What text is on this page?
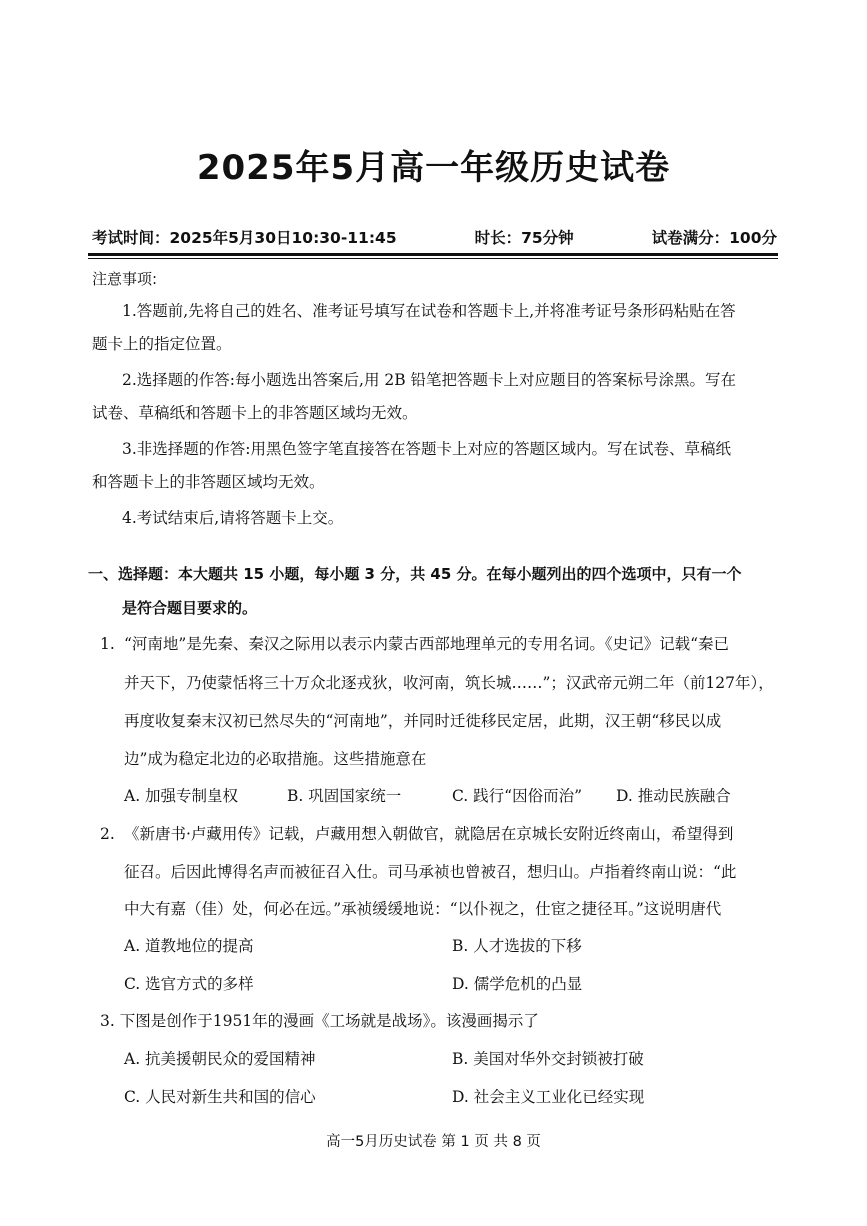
2025年5月高一年级历史试卷
考试时间：2025年5月30日10:30-11:45	时长：75分钟	试卷满分：100分
注意事项:
1.答题前,先将自己的姓名、准考证号填写在试卷和答题卡上,并将准考证号条形码粘贴在答
题卡上的指定位置。
2.选择题的作答:每小题选出答案后,用 2B 铅笔把答题卡上对应题目的答案标号涂黑。写在
试卷、草稿纸和答题卡上的非答题区域均无效。
3.非选择题的作答:用黑色签字笔直接答在答题卡上对应的答题区域内。写在试卷、草稿纸
和答题卡上的非答题区域均无效。
4.考试结束后,请将答题卡上交。
一、选择题：本大题共 15 小题，每小题 3 分，共 45 分。在每小题列出的四个选项中，只有一个
是符合题目要求的。
1. “河南地”是先秦、秦汉之际用以表示内蒙古西部地理单元的专用名词。《史记》记载“秦已
并天下，乃使蒙恬将三十万众北逐戎狄，收河南，筑长城……”；汉武帝元朔二年（前127年），
再度收复秦末汉初已然尽失的“河南地”，并同时迁徙移民定居，此期，汉王朝“移民以成
边”成为稳定北边的必取措施。这些措施意在
A. 加强专制皇权	B. 巩固国家统一	C. 践行“因俗而治” D. 推动民族融合
2. 《新唐书·卢藏用传》记载，卢藏用想入朝做官，就隐居在京城长安附近终南山，希望得到
征召。后因此博得名声而被征召入仕。司马承祯也曾被召，想归山。卢指着终南山说：“此
中大有嘉（佳）处，何必在远。”承祯缓缓地说：“以仆视之，仕宦之捷径耳。”这说明唐代
A. 道教地位的提高	B. 人才选拔的下移
C. 选官方式的多样	D. 儒学危机的凸显
3. 下图是创作于1951年的漫画《工场就是战场》。该漫画揭示了
A. 抗美援朝民众的爱国精神	B. 美国对华外交封锁被打破
C. 人民对新生共和国的信心	D. 社会主义工业化已经实现
高一5月历史试卷 第 1 页 共 8 页
